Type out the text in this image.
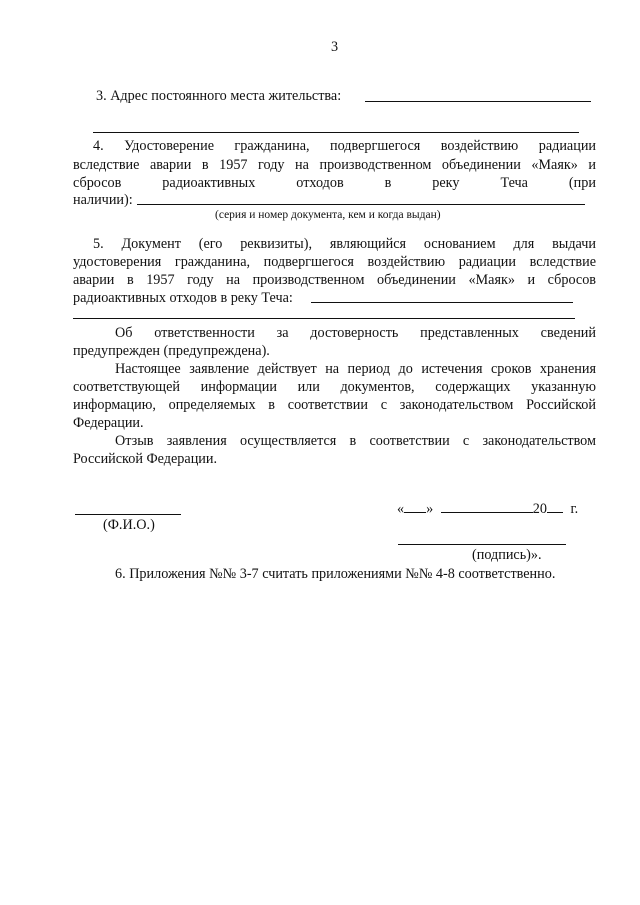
3
3. Адрес постоянного места жительства:
4. Удостоверение гражданина, подвергшегося воздействию радиации
вследствие аварии в 1957 году на производственном объединении «Маяк» и
сбросов	радиоактивных	отходов	в	реку	Теча	(при
наличии):
(серия и номер документа, кем и когда выдан)
5. Документ (его реквизиты), являющийся основанием для выдачи
удостоверения гражданина, подвергшегося воздействию радиации вследствие
аварии в 1957 году на производственном объединении «Маяк» и сбросов
радиоактивных отходов в реку Теча:
Об ответственности за достоверность представленных сведений
предупрежден (предупреждена).
Настоящее заявление действует на период до истечения сроков хранения
соответствующей информации или документов, содержащих указанную
информацию, определяемых в соответствии с законодательством Российской
Федерации.
Отзыв заявления осуществляется в соответствии с законодательством
Российской Федерации.
(Ф.И.О.)
« »	20 г.
(подпись)».
6. Приложения №№ 3-7 считать приложениями №№ 4-8 соответственно.
